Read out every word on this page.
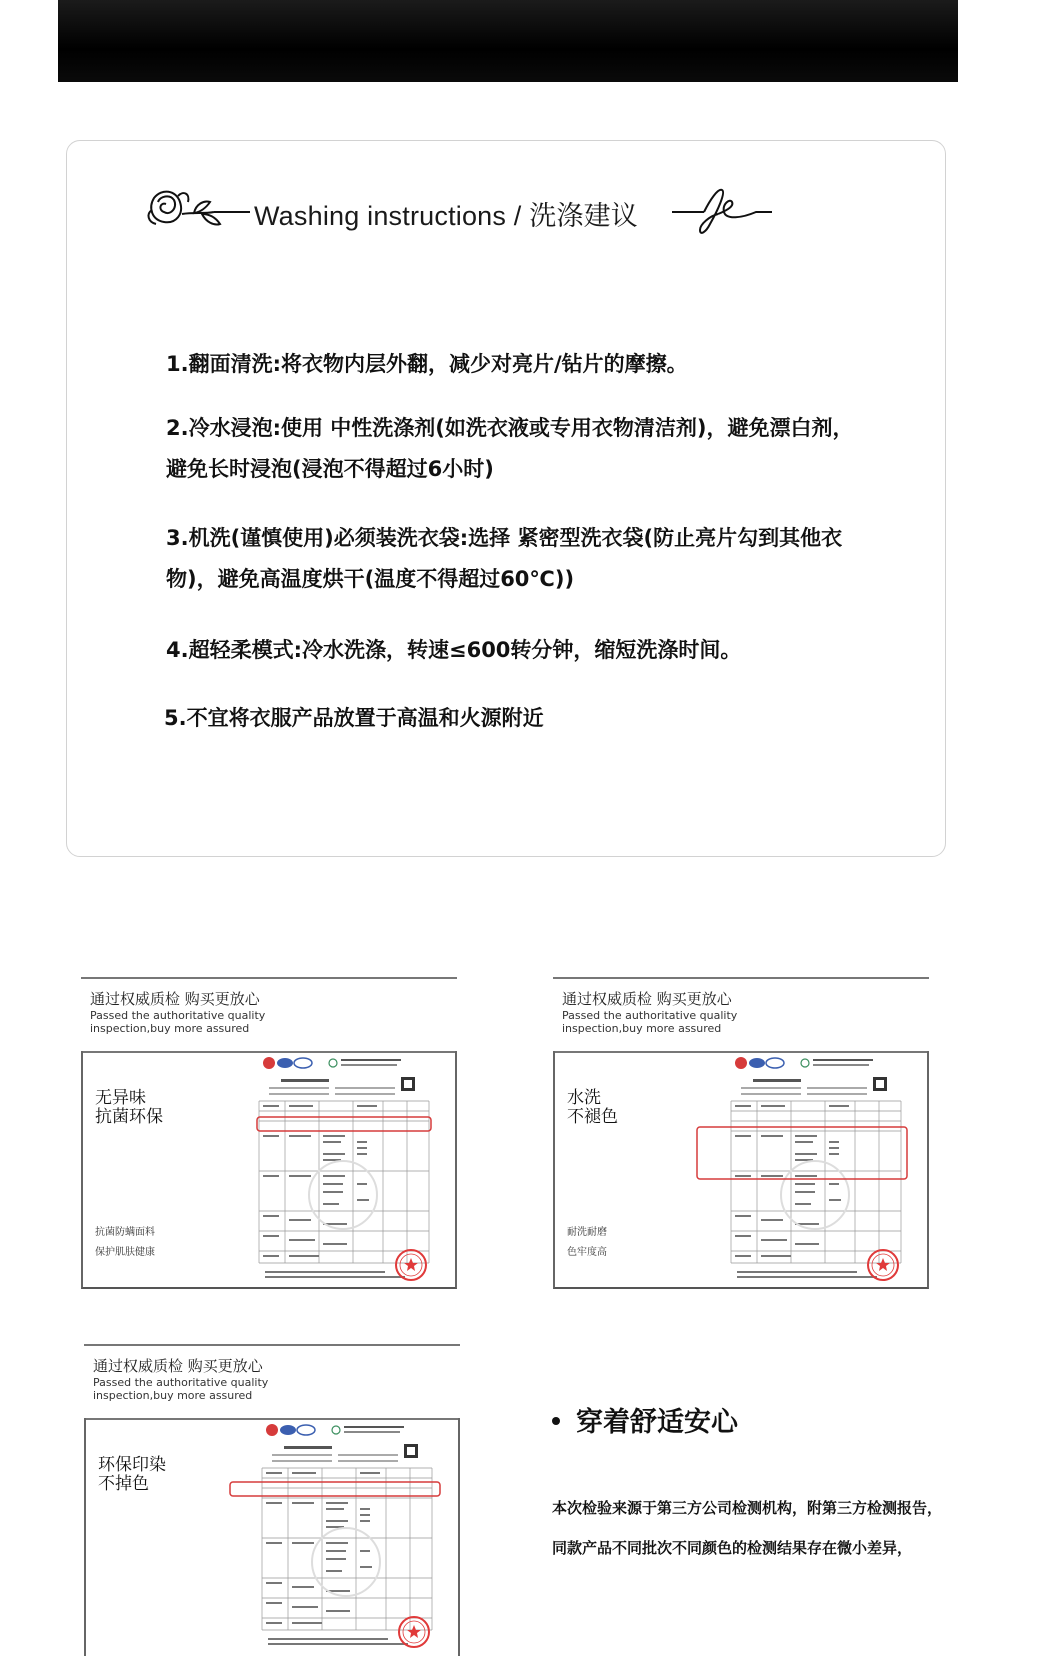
Washing instructions / 洗涤建议
1.翻面清洗:将衣物内层外翻，减少对亮片/钻片的摩擦。
2.冷水浸泡:使用 中性洗涤剂(如洗衣液或专用衣物清洁剂)，避免漂白剂，避免长时浸泡(浸泡不得超过6小时)
3.机洗(谨慎使用)必须装洗衣袋:选择 紧密型洗衣袋(防止亮片勾到其他衣物)，避免高温度烘干(温度不得超过60℃))
4.超轻柔模式:冷水洗涤，转速≤600转分钟，缩短洗涤时间。
5.不宜将衣服产品放置于高温和火源附近
通过权威质检 购买更放心
Passed the authoritative quality inspection,buy more assured
无异味
抗菌环保
抗菌防螨面料
保护肌肤健康
通过权威质检 购买更放心
Passed the authoritative quality inspection,buy more assured
水洗
不褪色
耐洗耐磨
色牢度高
通过权威质检 购买更放心
Passed the authoritative quality inspection,buy more assured
环保印染
不掉色
穿着舒适安心
本次检验来源于第三方公司检测机构，附第三方检测报告，
同款产品不同批次不同颜色的检测结果存在微小差异，
